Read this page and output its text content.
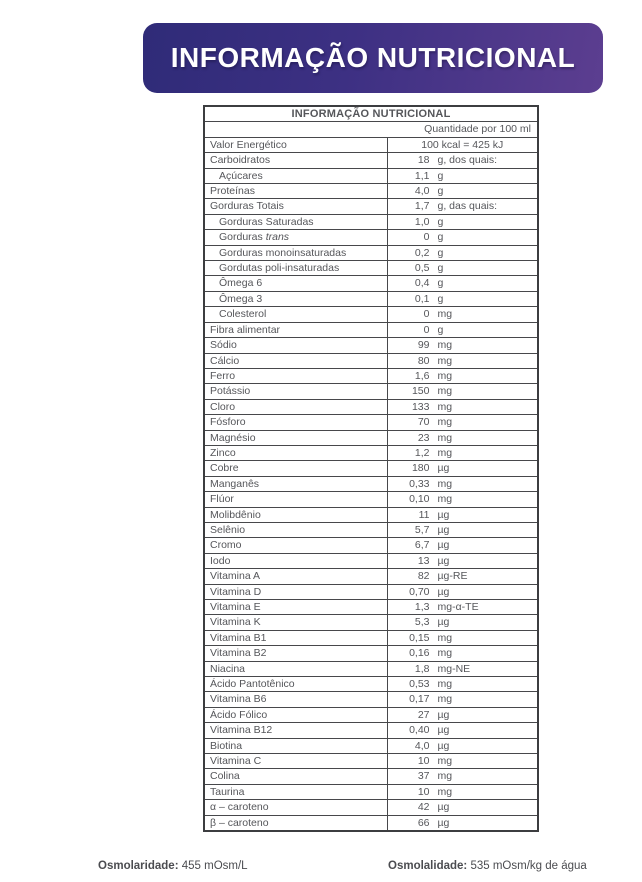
INFORMAÇÃO NUTRICIONAL
INFORMAÇÃO NUTRICIONAL	
Quantidade por 100 ml	
Valor Energético	100 kcal = 425 kJ
Carboidratos	18 g, dos quais:
Açúcares	1,1 g
Proteínas	4,0 g
Gorduras Totais	1,7 g, das quais:
Gorduras Saturadas	1,0 g
Gorduras trans	0 g
Gorduras monoinsaturadas	0,2 g
Gordutas poli-insaturadas	0,5 g
Ômega 6	0,4 g
Ômega 3	0,1 g
Colesterol	0 mg
Fibra alimentar	0 g
Sódio	99 mg
Cálcio	80 mg
Ferro	1,6 mg
Potássio	150 mg
Cloro	133 mg
Fósforo	70 mg
Magnésio	23 mg
Zinco	1,2 mg
Cobre	180 µg
Manganês	0,33 mg
Flúor	0,10 mg
Molibdênio	11 µg
Selênio	5,7 µg
Cromo	6,7 µg
Iodo	13 µg
Vitamina A	82 µg-RE
Vitamina D	0,70 µg
Vitamina E	1,3 mg-α-TE
Vitamina K	5,3 µg
Vitamina B1	0,15 mg
Vitamina B2	0,16 mg
Niacina	1,8 mg-NE
Ácido Pantotênico	0,53 mg
Vitamina B6	0,17 mg
Ácido Fólico	27 µg
Vitamina B12	0,40 µg
Biotina	4,0 µg
Vitamina C	10 mg
Colina	37 mg
Taurina	10 mg
α – caroteno	42 µg
β – caroteno	66 µg
Osmolaridade: 455 mOsm/L	Osmolalidade: 535 mOsm/kg de água
